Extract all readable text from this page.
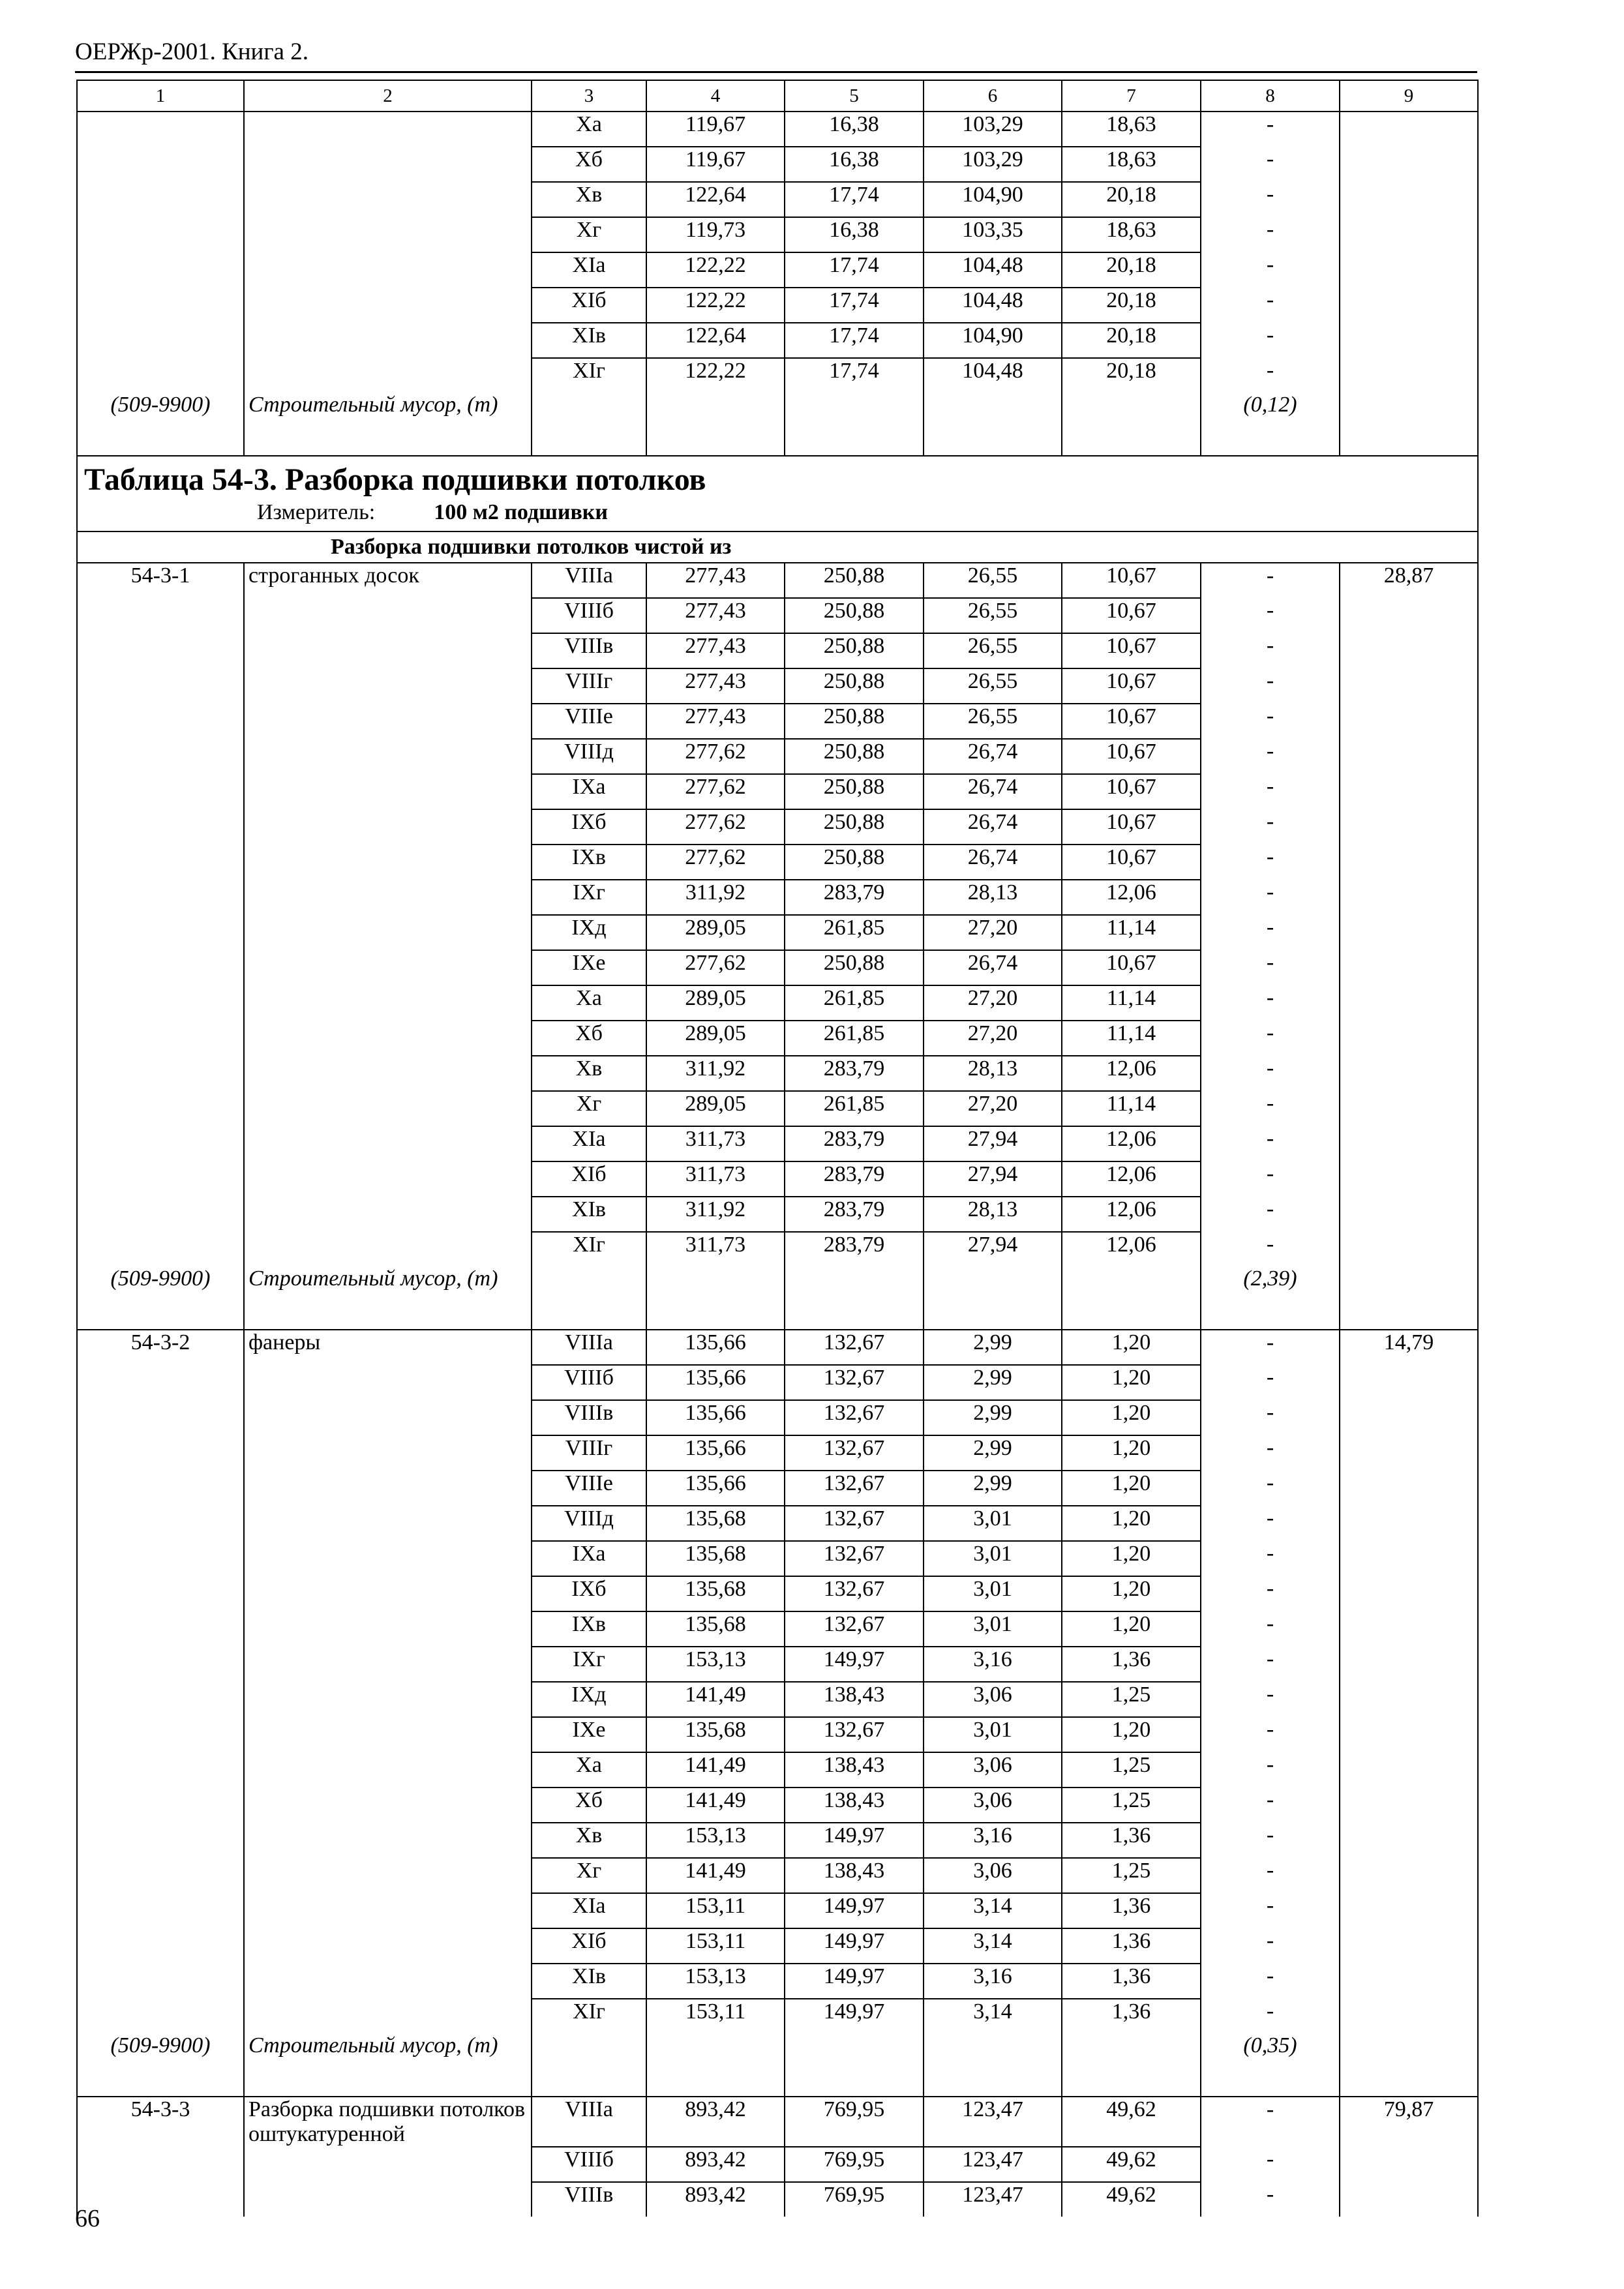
ОЕРЖр-2001. Книга 2.
1	2	3	4	5	6	7	8	9
		Xа	119,67	16,38	103,29	18,63	-	
		Xб	119,67	16,38	103,29	18,63	-	
		Xв	122,64	17,74	104,90	20,18	-	
		Xг	119,73	16,38	103,35	18,63	-	
		XIа	122,22	17,74	104,48	20,18	-	
		XIб	122,22	17,74	104,48	20,18	-	
		XIв	122,64	17,74	104,90	20,18	-	
		XIг	122,22	17,74	104,48	20,18	-	
(509-9900)	Строительный мусор, (т)						(0,12)	

Таблица 54-3. Разборка подшивки потолков
Измеритель: 100 м2 подшивки								

Разборка подшивки потолков чистой из								
54-3-1	строганных досок	VIIIа	277,43	250,88	26,55	10,67	-	28,87
		VIIIб	277,43	250,88	26,55	10,67	-	
		VIIIв	277,43	250,88	26,55	10,67	-	
		VIIIг	277,43	250,88	26,55	10,67	-	
		VIIIе	277,43	250,88	26,55	10,67	-	
		VIIIд	277,62	250,88	26,74	10,67	-	
		IXа	277,62	250,88	26,74	10,67	-	
		IXб	277,62	250,88	26,74	10,67	-	
		IXв	277,62	250,88	26,74	10,67	-	
		IXг	311,92	283,79	28,13	12,06	-	
		IXд	289,05	261,85	27,20	11,14	-	
		IXе	277,62	250,88	26,74	10,67	-	
		Xа	289,05	261,85	27,20	11,14	-	
		Xб	289,05	261,85	27,20	11,14	-	
		Xв	311,92	283,79	28,13	12,06	-	
		Xг	289,05	261,85	27,20	11,14	-	
		XIа	311,73	283,79	27,94	12,06	-	
		XIб	311,73	283,79	27,94	12,06	-	
		XIв	311,92	283,79	28,13	12,06	-	
		XIг	311,73	283,79	27,94	12,06	-	
(509-9900)	Строительный мусор, (т)						(2,39)	
54-3-2	фанеры	VIIIа	135,66	132,67	2,99	1,20	-	14,79
		VIIIб	135,66	132,67	2,99	1,20	-	
		VIIIв	135,66	132,67	2,99	1,20	-	
		VIIIг	135,66	132,67	2,99	1,20	-	
		VIIIе	135,66	132,67	2,99	1,20	-	
		VIIIд	135,68	132,67	3,01	1,20	-	
		IXа	135,68	132,67	3,01	1,20	-	
		IXб	135,68	132,67	3,01	1,20	-	
		IXв	135,68	132,67	3,01	1,20	-	
		IXг	153,13	149,97	3,16	1,36	-	
		IXд	141,49	138,43	3,06	1,25	-	
		IXе	135,68	132,67	3,01	1,20	-	
		Xа	141,49	138,43	3,06	1,25	-	
		Xб	141,49	138,43	3,06	1,25	-	
		Xв	153,13	149,97	3,16	1,36	-	
		Xг	141,49	138,43	3,06	1,25	-	
		XIа	153,11	149,97	3,14	1,36	-	
		XIб	153,11	149,97	3,14	1,36	-	
		XIв	153,13	149,97	3,16	1,36	-	
		XIг	153,11	149,97	3,14	1,36	-	
(509-9900)	Строительный мусор, (т)						(0,35)	
54-3-3	Разборка подшивки потолков оштукатуренной	VIIIа	893,42	769,95	123,47	49,62	-	79,87
		VIIIб	893,42	769,95	123,47	49,62	-	
		VIIIв	893,42	769,95	123,47	49,62	-	
66
